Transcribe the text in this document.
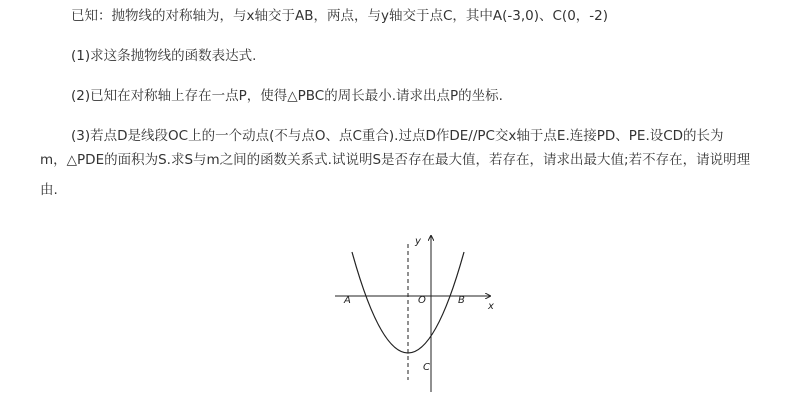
已知：抛物线的对称轴为，与x轴交于AB，两点，与y轴交于点C，其中A(-3,0)、C(0，-2)
(1)求这条抛物线的函数表达式.
(2)已知在对称轴上存在一点P，使得△PBC的周长最小.请求出点P的坐标.
(3)若点D是线段OC上的一个动点(不与点O、点C重合).过点D作DE//PC交x轴于点E.连接PD、PE.设CD的长为
m，△PDE的面积为S.求S与m之间的函数关系式.试说明S是否存在最大值，若存在，请求出最大值;若不存在，请说明理
由.
y
x
A	O	B
C
